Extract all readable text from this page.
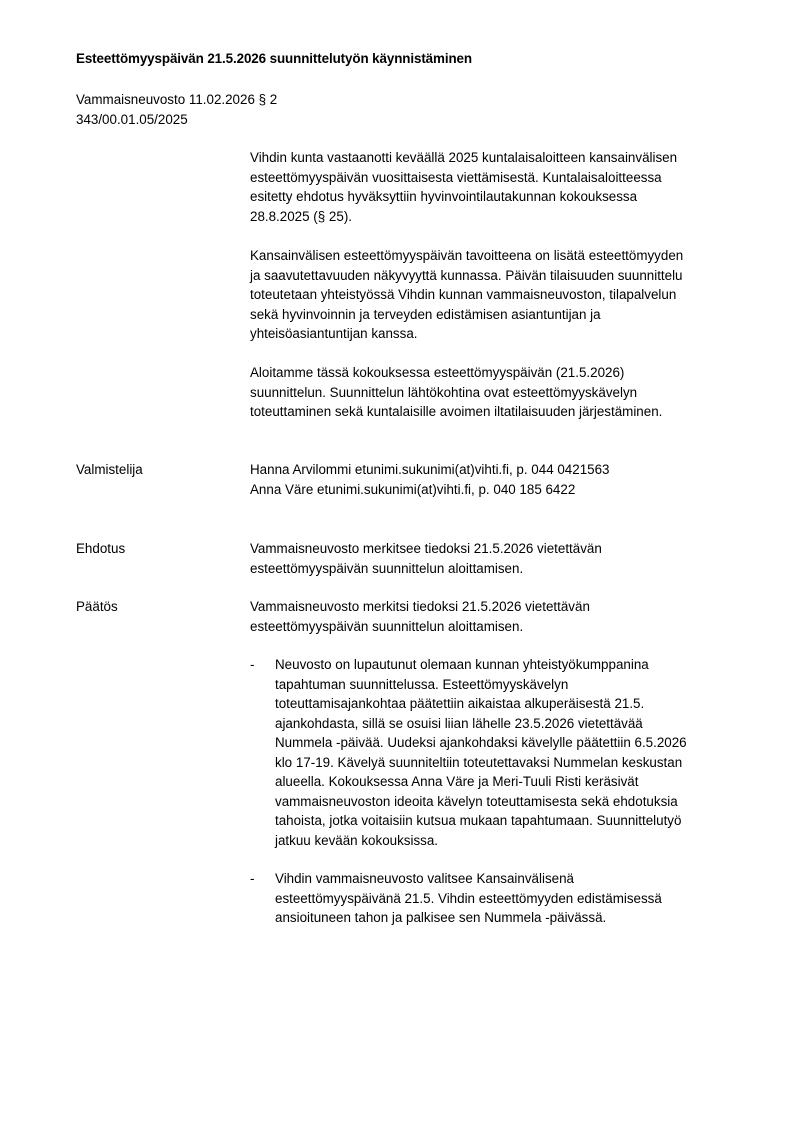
Esteettömyyspäivän 21.5.2026 suunnittelutyön käynnistäminen
Vammaisneuvosto 11.02.2026 § 2
343/00.01.05/2025
Vihdin kunta vastaanotti keväällä 2025 kuntalaisaloitteen kansainvälisen
esteettömyyspäivän vuosittaisesta viettämisestä. Kuntalaisaloitteessa
esitetty ehdotus hyväksyttiin hyvinvointilautakunnan kokouksessa
28.8.2025 (§ 25).
Kansainvälisen esteettömyyspäivän tavoitteena on lisätä esteettömyyden
ja saavutettavuuden näkyvyyttä kunnassa. Päivän tilaisuuden suunnittelu
toteutetaan yhteistyössä Vihdin kunnan vammaisneuvoston, tilapalvelun
sekä hyvinvoinnin ja terveyden edistämisen asiantuntijan ja
yhteisöasiantuntijan kanssa.
Aloitamme tässä kokouksessa esteettömyyspäivän (21.5.2026)
suunnittelun. Suunnittelun lähtökohtina ovat esteettömyyskävelyn
toteuttaminen sekä kuntalaisille avoimen iltatilaisuuden järjestäminen.
Valmistelija	Hanna Arvilommi etunimi.sukunimi(at)vihti.fi, p. 044 0421563
Anna Väre etunimi.sukunimi(at)vihti.fi, p. 040 185 6422
Ehdotus	Vammaisneuvosto merkitsee tiedoksi 21.5.2026 vietettävän
esteettömyyspäivän suunnittelun aloittamisen.
Päätös	Vammaisneuvosto merkitsi tiedoksi 21.5.2026 vietettävän
esteettömyyspäivän suunnittelun aloittamisen.
- Neuvosto on lupautunut olemaan kunnan yhteistyökumppanina
tapahtuman suunnittelussa. Esteettömyyskävelyn
toteuttamisajankohtaa päätettiin aikaistaa alkuperäisestä 21.5.
ajankohdasta, sillä se osuisi liian lähelle 23.5.2026 vietettävää
Nummela -päivää. Uudeksi ajankohdaksi kävelylle päätettiin 6.5.2026
klo 17-19. Kävelyä suunniteltiin toteutettavaksi Nummelan keskustan
alueella. Kokouksessa Anna Väre ja Meri-Tuuli Risti keräsivät
vammaisneuvoston ideoita kävelyn toteuttamisesta sekä ehdotuksia
tahoista, jotka voitaisiin kutsua mukaan tapahtumaan. Suunnittelutyö
jatkuu kevään kokouksissa.
- Vihdin vammaisneuvosto valitsee Kansainvälisenä
esteettömyyspäivänä 21.5. Vihdin esteettömyyden edistämisessä
ansioituneen tahon ja palkisee sen Nummela -päivässä.
